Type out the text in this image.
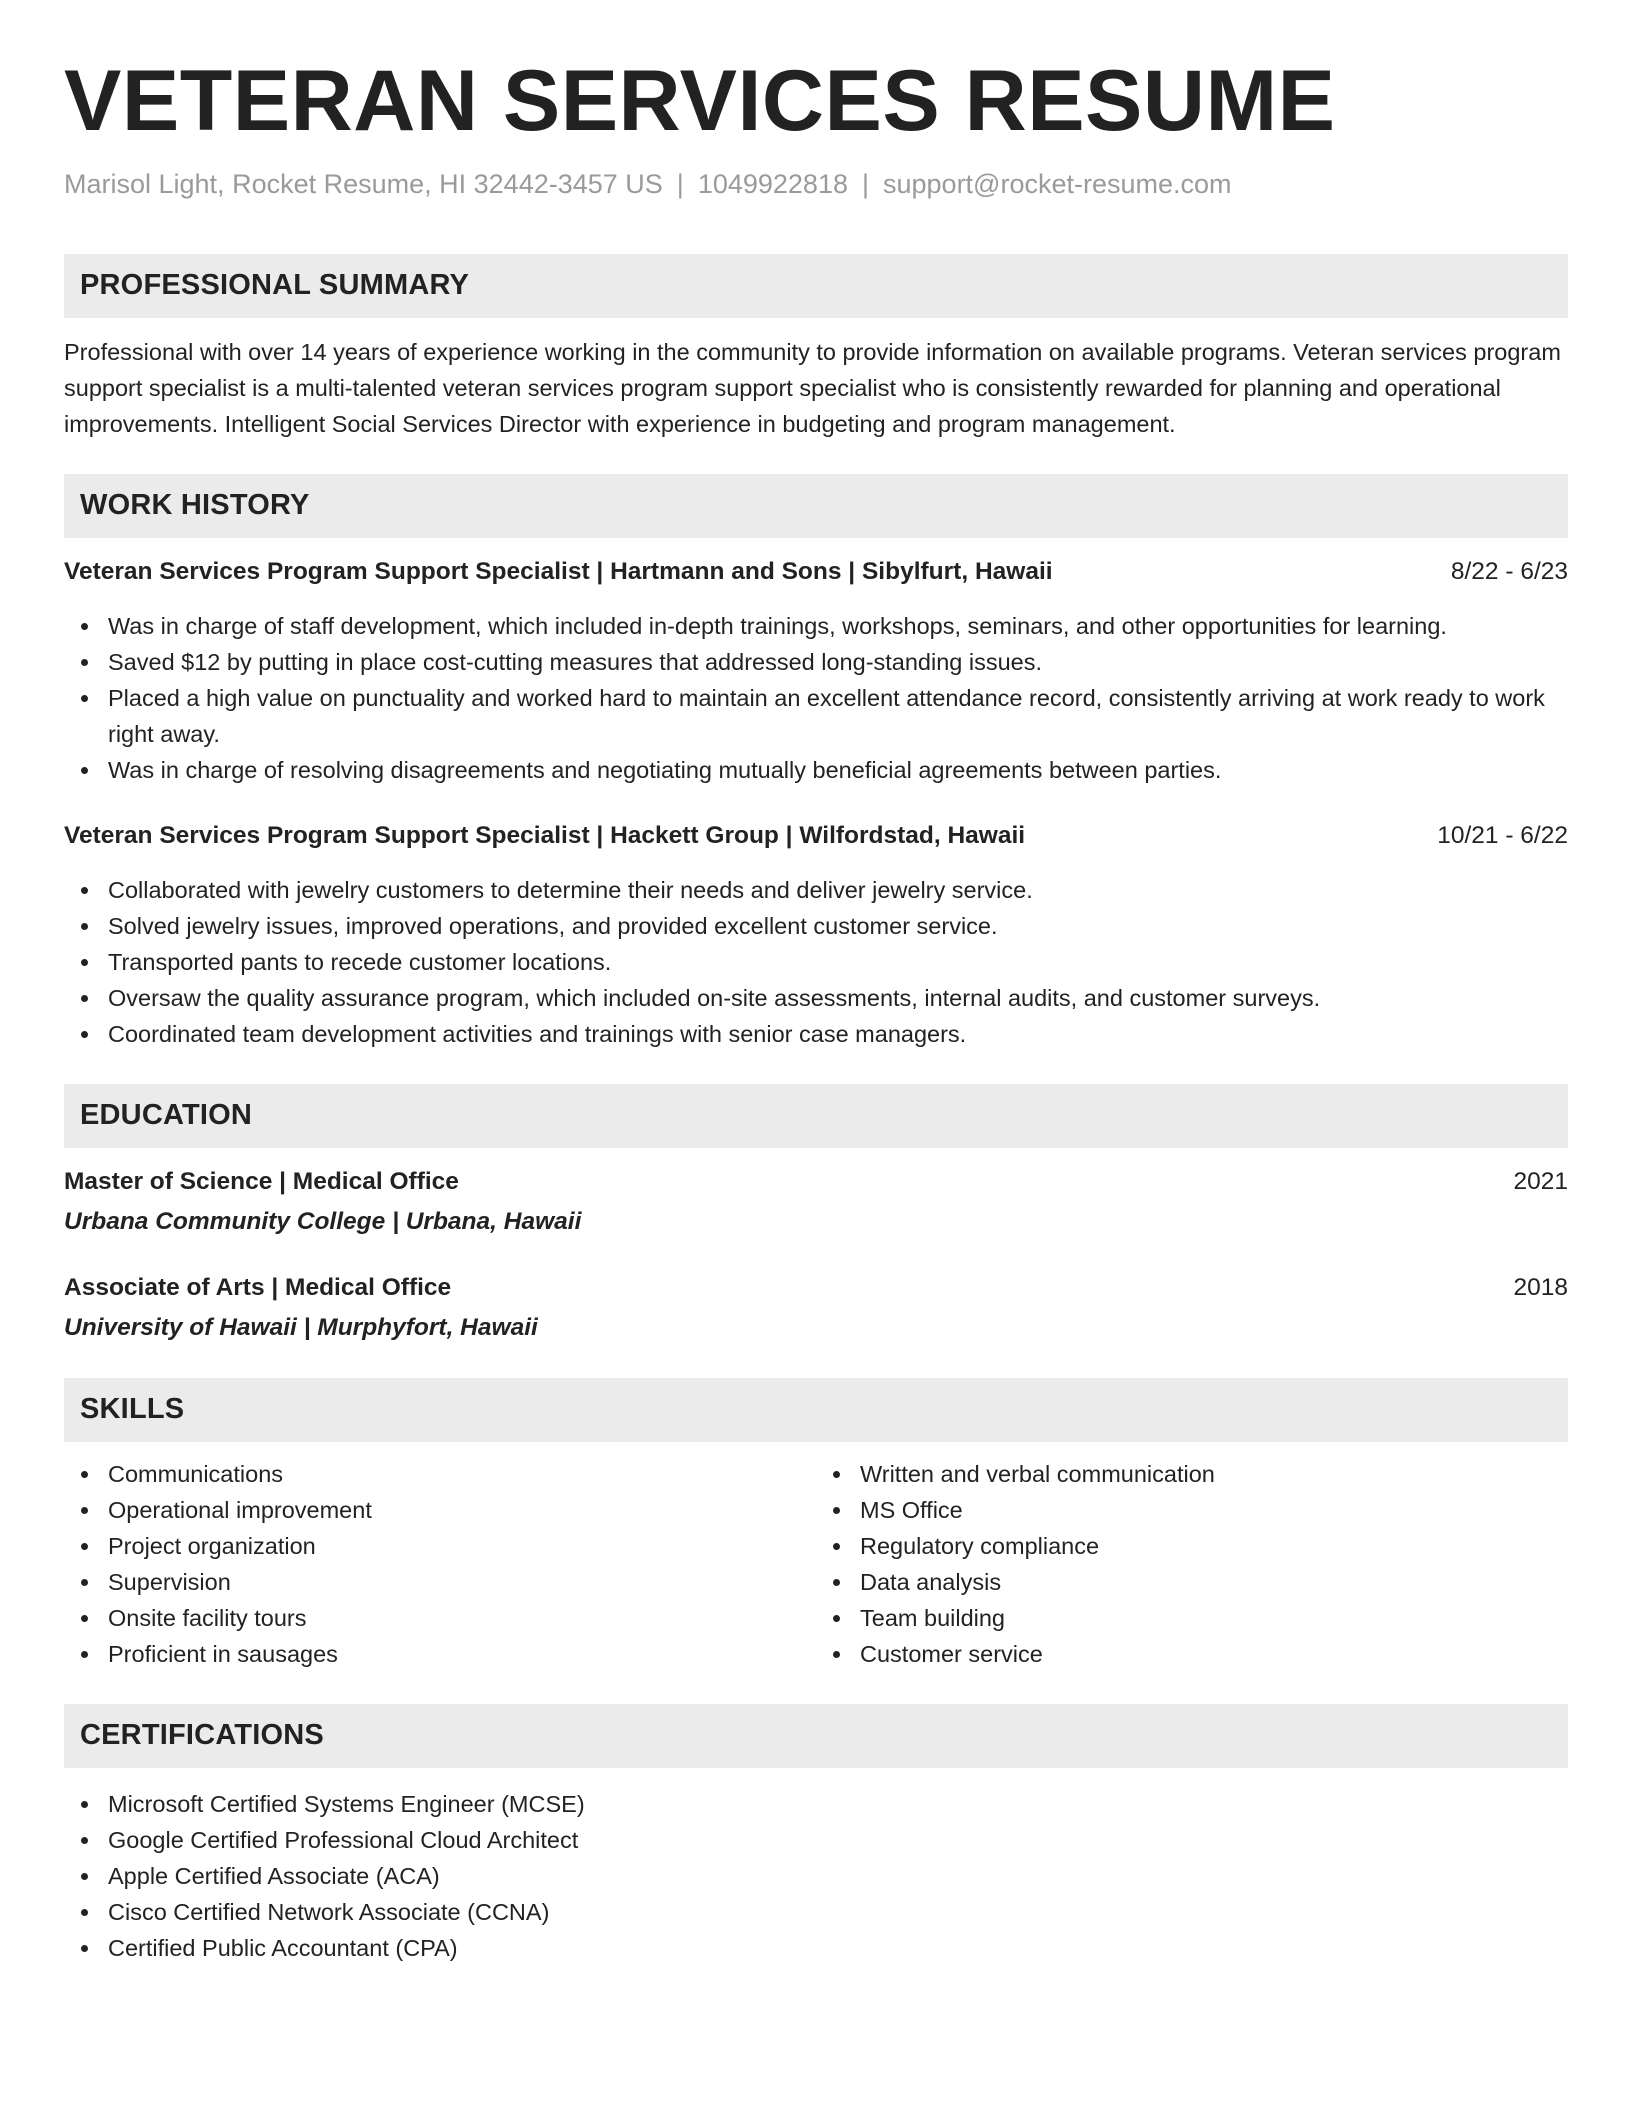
VETERAN SERVICES RESUME
Marisol Light, Rocket Resume, HI 32442-3457 US | 1049922818 | support@rocket-resume.com
PROFESSIONAL SUMMARY

Professional with over 14 years of experience working in the community to provide information on available programs. Veteran services program support specialist is a multi-talented veteran services program support specialist who is consistently rewarded for planning and operational improvements. Intelligent Social Services Director with experience in budgeting and program management.

WORK HISTORY
Veteran Services Program Support Specialist | Hartmann and Sons | Sibylfurt, Hawaii	8/22 - 6/23
Was in charge of staff development, which included in-depth trainings, workshops, seminars, and other opportunities for learning.
Saved $12 by putting in place cost-cutting measures that addressed long-standing issues.
Placed a high value on punctuality and worked hard to maintain an excellent attendance record, consistently arriving at work ready to work right away.
Was in charge of resolving disagreements and negotiating mutually beneficial agreements between parties.
Veteran Services Program Support Specialist | Hackett Group | Wilfordstad, Hawaii	10/21 - 6/22
Collaborated with jewelry customers to determine their needs and deliver jewelry service.
Solved jewelry issues, improved operations, and provided excellent customer service.
Transported pants to recede customer locations.
Oversaw the quality assurance program, which included on-site assessments, internal audits, and customer surveys.
Coordinated team development activities and trainings with senior case managers.
EDUCATION
Master of Science | Medical Office	2021
Urbana Community College | Urbana, Hawaii
Associate of Arts | Medical Office	2018
University of Hawaii | Murphyfort, Hawaii
SKILLS
Communications
Operational improvement
Project organization
Supervision
Onsite facility tours
Proficient in sausages
Written and verbal communication
MS Office
Regulatory compliance
Data analysis
Team building
Customer service
CERTIFICATIONS
Microsoft Certified Systems Engineer (MCSE)
Google Certified Professional Cloud Architect
Apple Certified Associate (ACA)
Cisco Certified Network Associate (CCNA)
Certified Public Accountant (CPA)
